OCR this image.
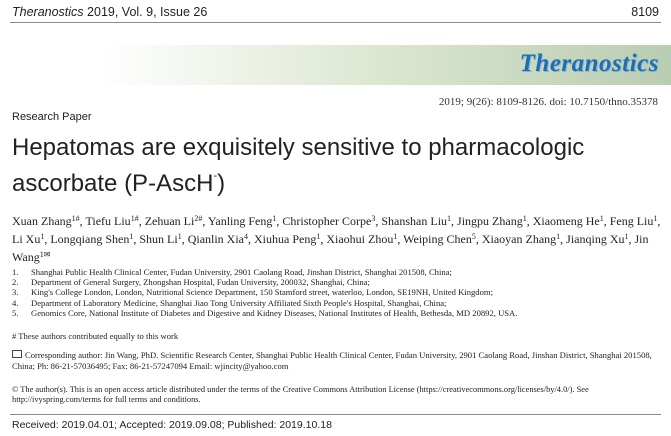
Theranostics 2019, Vol. 9, Issue 26	8109
Theranostics
2019; 9(26): 8109-8126. doi: 10.7150/thno.35378
Research Paper
Hepatomas are exquisitely sensitive to pharmacologic ascorbate (P-AscH-)
Xuan Zhang$^{1\#}$, Tiefu Liu$^{1\#}$, Zehuan $Li^{2\#}$, Yanling Feng$^1$, Christopher Corpe$^3$, Shanshan Liu$^1$, Jingpu Zhang$^1$, Xiaomeng He$^1$, Feng Liu$^1$, Li Xu$^1$, Longqiang Shen$^1$, Shun Li$^1$, Qianlin Xia$^4$, Xiuhua Peng$^1$, Xiaohui Zhou$^1$, Weiping Chen$^5$, Xiaoyan Zhang$^1$, Jianqing Xu$^1$, Jin Wang$^{1✉}$
1. Shanghai Public Health Clinical Center, Fudan University, 2901 Caolang Road, Jinshan District, Shanghai 201508, China;
2. Department of General Surgery, Zhongshan Hospital, Fudan University, 200032, Shanghai, China;
3. King's College London, London, Nutritional Science Department, 150 Stamford street, waterloo, London, SE19NH, United Kingdom;
4. Department of Laboratory Medicine, Shanghai Jiao Tong University Affiliated Sixth People's Hospital, Shanghai, China;
5. Genomics Core, National Institute of Diabetes and Digestive and Kidney Diseases, National Institutes of Health, Bethesda, MD 20892, USA.
# These authors contributed equally to this work
Corresponding author: Jin Wang, PhD. Scientific Research Center, Shanghai Public Health Clinical Center, Fudan University, 2901 Caolang Road, Jinshan District, Shanghai 201508, China; Ph: 86-21-57036495; Fax: 86-21-57247094 Email: wjincity@yahoo.com
© The author(s). This is an open access article distributed under the terms of the Creative Commons Attribution License (https://creativecommons.org/licenses/by/4.0/). See http://ivyspring.com/terms for full terms and conditions.
Received: 2019.04.01; Accepted: 2019.09.08; Published: 2019.10.18
